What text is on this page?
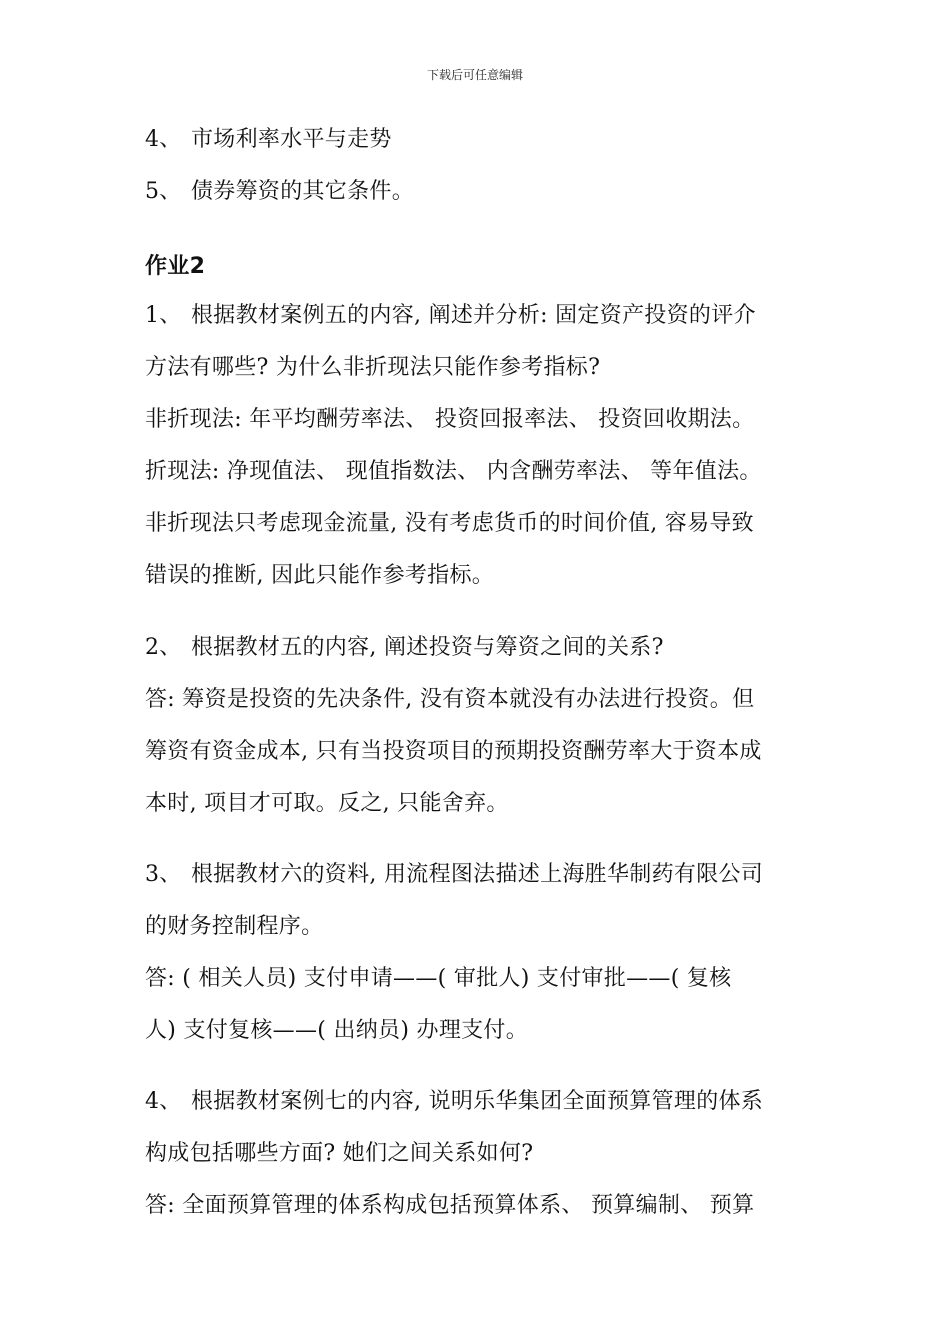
下载后可任意编辑
4、 市场利率水平与走势
5、 债券筹资的其它条件。
作业2
1、 根据教材案例五的内容, 阐述并分析: 固定资产投资的评介
方法有哪些? 为什么非折现法只能作参考指标?
非折现法: 年平均酬劳率法、 投资回报率法、 投资回收期法。
折现法: 净现值法、 现值指数法、 内含酬劳率法、 等年值法。
非折现法只考虑现金流量, 没有考虑货币的时间价值, 容易导致
错误的推断, 因此只能作参考指标。
2、 根据教材五的内容, 阐述投资与筹资之间的关系?
答: 筹资是投资的先决条件, 没有资本就没有办法进行投资。但
筹资有资金成本, 只有当投资项目的预期投资酬劳率大于资本成
本时, 项目才可取。反之, 只能舍弃。
3、 根据教材六的资料, 用流程图法描述上海胜华制药有限公司
的财务控制程序。
答: ( 相关人员) 支付申请——( 审批人) 支付审批——( 复核
人) 支付复核——( 出纳员) 办理支付。
4、 根据教材案例七的内容, 说明乐华集团全面预算管理的体系
构成包括哪些方面? 她们之间关系如何?
答: 全面预算管理的体系构成包括预算体系、 预算编制、 预算
